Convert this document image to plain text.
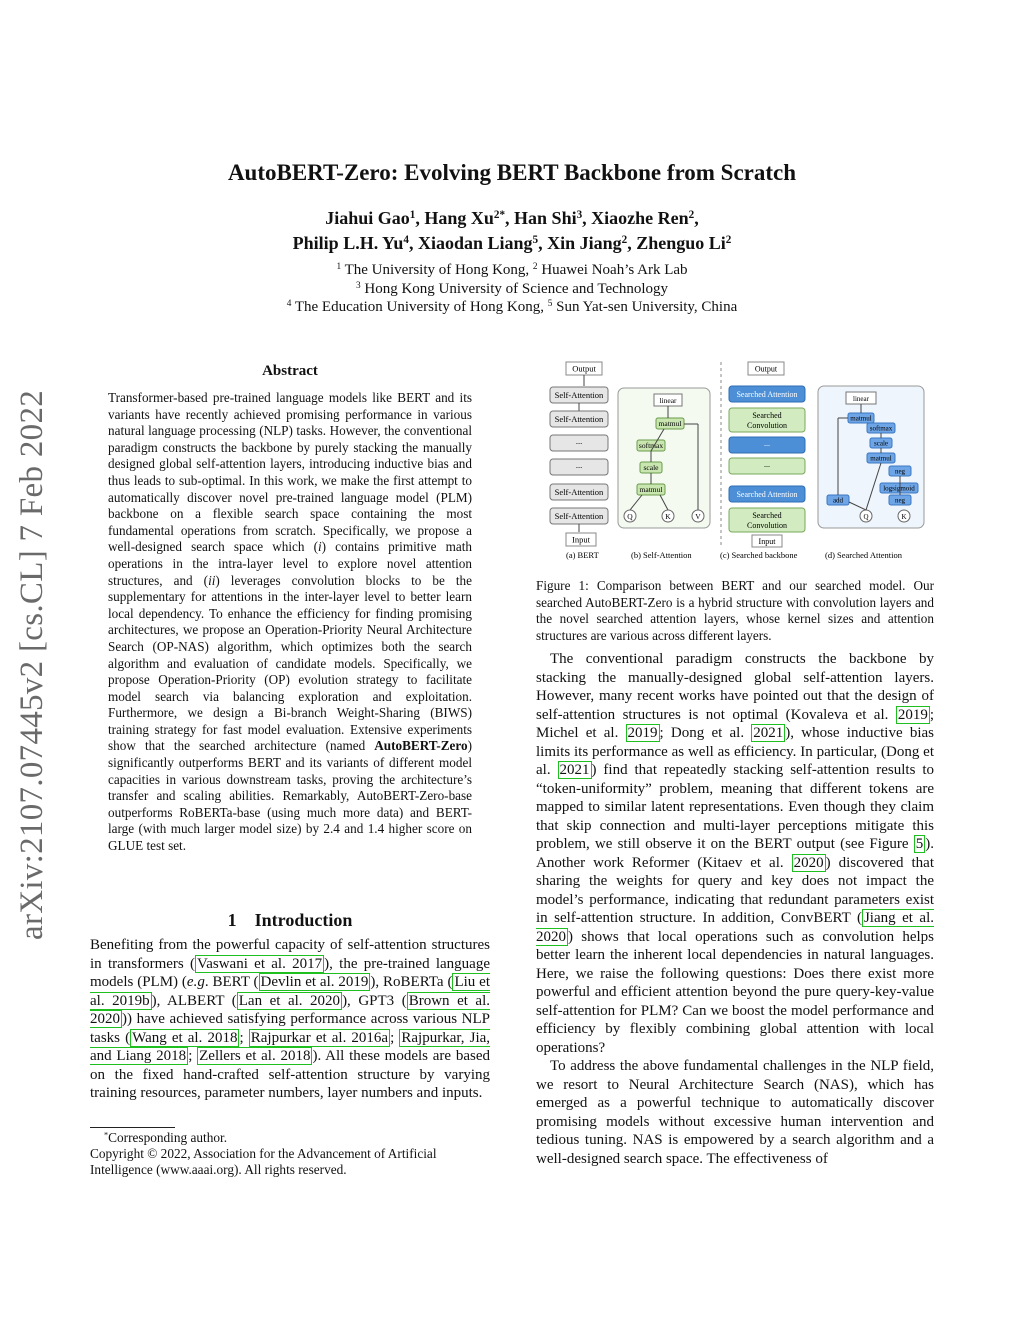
AutoBERT-Zero: Evolving BERT Backbone from Scratch
Jiahui Gao$^1$, Hang $Xu^{2*}$, Han Shi$^3$, Xiaozhe Ren$^2$,
Philip L.H. Yu$^4$, Xiaodan Liang$^5$, Xin Jiang$^2$, Zhenguo Li$^2$
$^1$ The University of Hong Kong, $^2$ Huawei Noah’s Ark Lab
$^3$ Hong Kong University of Science and Technology
$^4$ The Education University of Hong Kong, $^5$ Sun Yat-sen University, China
arXiv:2107.07445v2 [cs.CL] 7 Feb 2022
Abstract
Transformer-based pre-trained language models like BERT and its variants have recently achieved promising performance in various natural language processing (NLP) tasks. However, the conventional paradigm constructs the backbone by purely stacking the manually designed global self-attention layers, introducing inductive bias and thus leads to sub-optimal. In this work, we make the first attempt to automatically discover novel pre-trained language model (PLM) backbone on a flexible search space containing the most fundamental operations from scratch. Specifically, we propose a well-designed search space which (i) contains primitive math operations in the intra-layer level to explore novel attention structures, and (ii) leverages convolution blocks to be the supplementary for attentions in the inter-layer level to better learn local dependency. To enhance the efficiency for finding promising architectures, we propose an Operation-Priority Neural Architecture Search (OP-NAS) algorithm, which optimizes both the search algorithm and evaluation of candidate models. Specifically, we propose Operation-Priority (OP) evolution strategy to facilitate model search via balancing exploration and exploitation. Furthermore, we design a Bi-branch Weight-Sharing (BIWS) training strategy for fast model evaluation. Extensive experiments show that the searched architecture (named AutoBERT-Zero) significantly outperforms BERT and its variants of different model capacities in various downstream tasks, proving the architecture’s transfer and scaling abilities. Remarkably, AutoBERT-Zero-base outperforms RoBERTa-base (using much more data) and BERT-large (with much larger model size) by 2.4 and 1.4 higher score on GLUE test set.
1 Introduction
Benefiting from the powerful capacity of self-attention structures in transformers ( Vaswani et al. 2017 ), the pre-trained language models (PLM) (e.g. BERT ( Devlin et al. 2019 ), RoBERTa ( Liu et al. 2019b ), ALBERT ( Lan et al. 2020 ), GPT3 ( Brown et al. 2020 )) have achieved satisfying performance across various NLP tasks ( Wang et al. 2018 ; Rajpurkar et al. 2016a ; Rajpurkar, Jia, and Liang 2018 ; Zellers et al. 2018 ). All these models are based on the fixed hand-crafted self-attention structure by varying training resources, parameter numbers, layer numbers and inputs.
*Corresponding author.
Copyright © 2022, Association for the Advancement of Artificial Intelligence (www.aaai.org). All rights reserved.
Output
Self-Attention
Self-Attention
...
...
Self-Attention
Self-Attention
Input
(a) BERT
linear
matmul
softmax
scale
matmul
Q	K	V
(b) Self-Attention
Output
Searched Attention
Searched
Convolution
...
...
Searched Attention
Searched
Convolution
Input
(c) Searched backbone
linear
matmul
softmax
scale
matmul
neg
logsigmoid
neg
add
Q	K
(d) Searched Attention
Figure 1: Comparison between BERT and our searched model. Our searched AutoBERT-Zero is a hybrid structure with convolution layers and the novel searched attention layers, whose kernel sizes and attention structures are various across different layers.

The conventional paradigm constructs the backbone by stacking the manually-designed global self-attention layers. However, many recent works have pointed out that the design of self-attention structures is not optimal (Kovaleva et al. 2019 ; Michel et al. 2019 ; Dong et al. 2021 ), whose inductive bias limits its performance as well as efficiency. In particular, (Dong et al. 2021 ) find that repeatedly stacking self-attention results to “token-uniformity” problem, meaning that different tokens are mapped to similar latent representations. Even though they claim that skip connection and multi-layer perceptions mitigate this problem, we still observe it on the BERT output (see Figure 5 ). Another work Reformer (Kitaev et al. 2020 ) discovered that sharing the weights for query and key does not impact the model’s performance, indicating that redundant parameters exist in self-attention structure. In addition, ConvBERT ( Jiang et al. 2020 ) shows that local operations such as convolution helps better learn the inherent local dependencies in natural languages. Here, we raise the following questions: Does there exist more powerful and efficient attention beyond the pure query-key-value self-attention for PLM? Can we boost the model performance and efficiency by flexibly combining global attention with local operations?

To address the above fundamental challenges in the NLP field, we resort to Neural Architecture Search (NAS), which has emerged as a powerful technique to automatically discover promising models without excessive human intervention and tedious tuning. NAS is empowered by a search algorithm and a well-designed search space. The effectiveness of
